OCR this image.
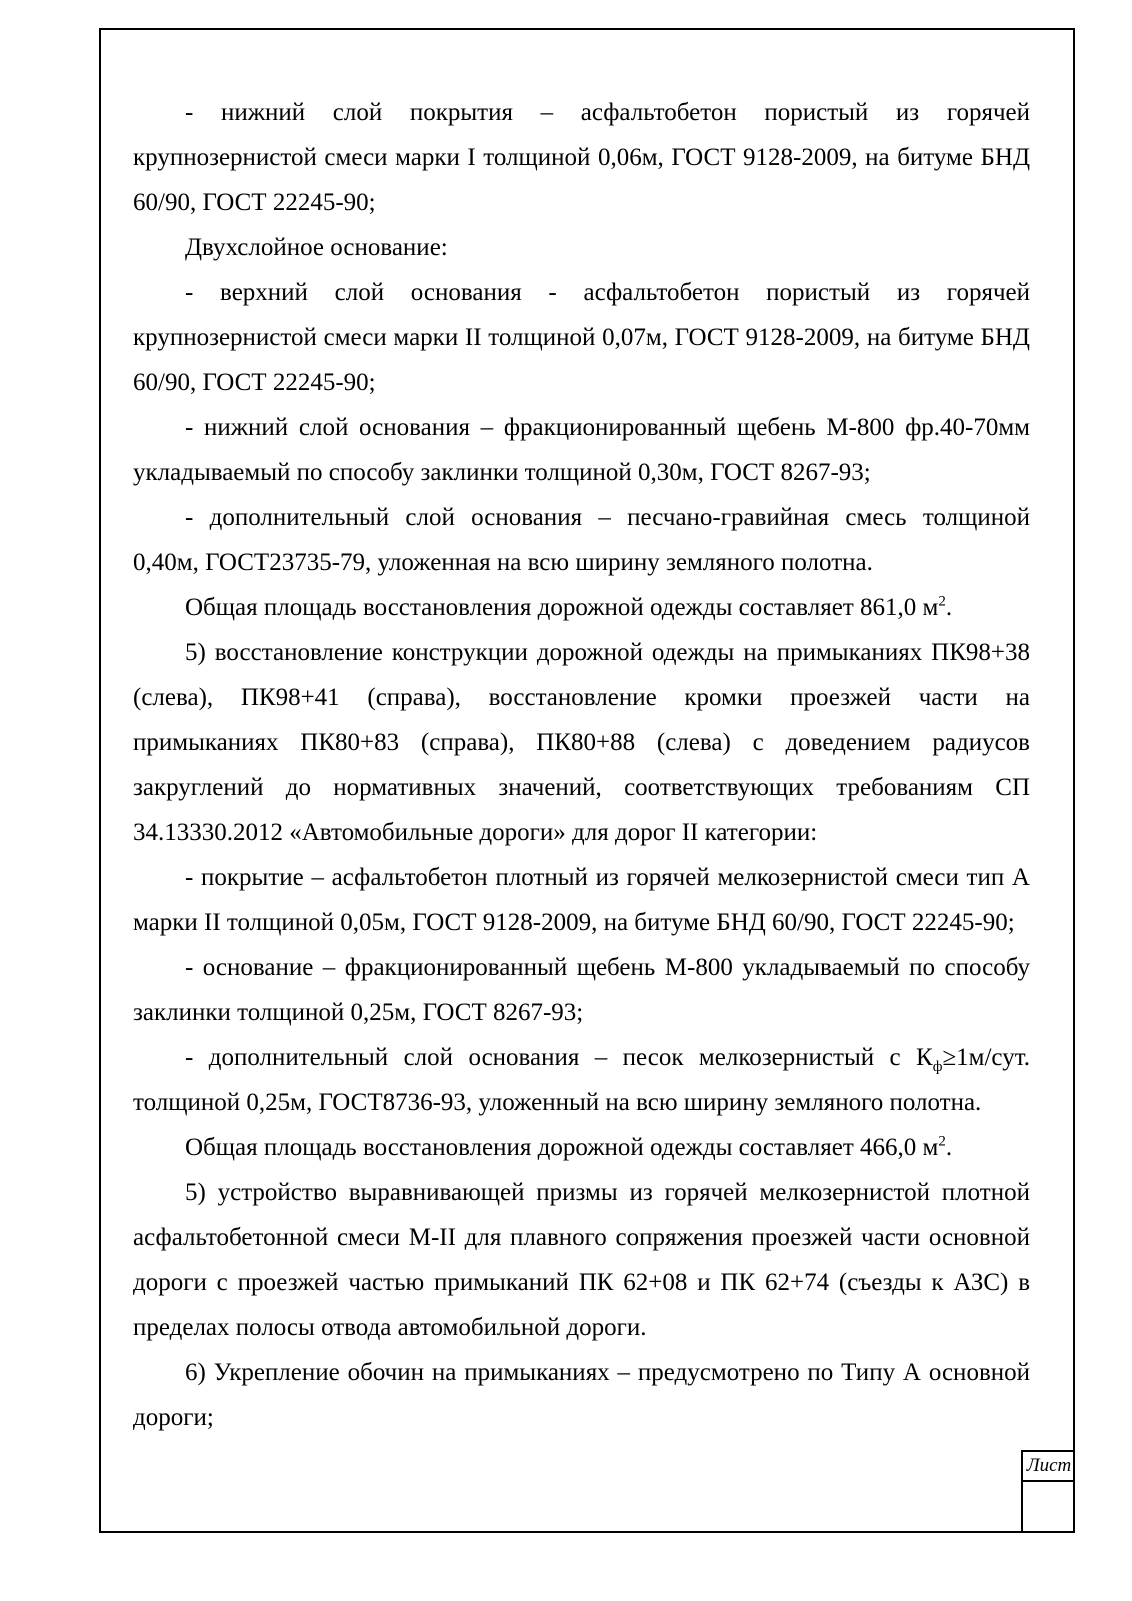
- нижний слой покрытия – асфальтобетон пористый из горячей крупнозернистой смеси марки I толщиной 0,06м, ГОСТ 9128-2009, на битуме БНД 60/90, ГОСТ 22245-90;

Двухслойное основание:

- верхний слой основания - асфальтобетон пористый из горячей крупнозернистой смеси марки II толщиной 0,07м, ГОСТ 9128-2009, на битуме БНД 60/90, ГОСТ 22245-90;

- нижний слой основания – фракционированный щебень М-800 фр.40-70мм укладываемый по способу заклинки толщиной 0,30м, ГОСТ 8267-93;

- дополнительный слой основания – песчано-гравийная смесь толщиной 0,40м, ГОСТ23735-79, уложенная на всю ширину земляного полотна.

Общая площадь восстановления дорожной одежды составляет 861,0 $м^2$.

5) восстановление конструкции дорожной одежды на примыканиях ПК98+38 (слева), ПК98+41 (справа), восстановление кромки проезжей части на примыканиях ПК80+83 (справа), ПК80+88 (слева) с доведением радиусов закруглений до нормативных значений, соответствующих требованиям СП 34.13330.2012 «Автомобильные дороги» для дорог II категории:

- покрытие – асфальтобетон плотный из горячей мелкозернистой смеси тип А марки II толщиной 0,05м, ГОСТ 9128-2009, на битуме БНД 60/90, ГОСТ 22245-90;

- основание – фракционированный щебень М-800 укладываемый по способу заклинки толщиной 0,25м, ГОСТ 8267-93;

- дополнительный слой основания – песок мелкозернистый с $К_ф\ge 1м$/сут. толщиной 0,25м, ГОСТ8736-93, уложенный на всю ширину земляного полотна.

Общая площадь восстановления дорожной одежды составляет 466,0 $м^2$.

5) устройство выравнивающей призмы из горячей мелкозернистой плотной асфальтобетонной смеси М-II для плавного сопряжения проезжей части основной дороги с проезжей частью примыканий ПК 62+08 и ПК 62+74 (съезды к АЗС) в пределах полосы отвода автомобильной дороги.

6) Укрепление обочин на примыканиях – предусмотрено по Типу А основной дороги;

Лист
